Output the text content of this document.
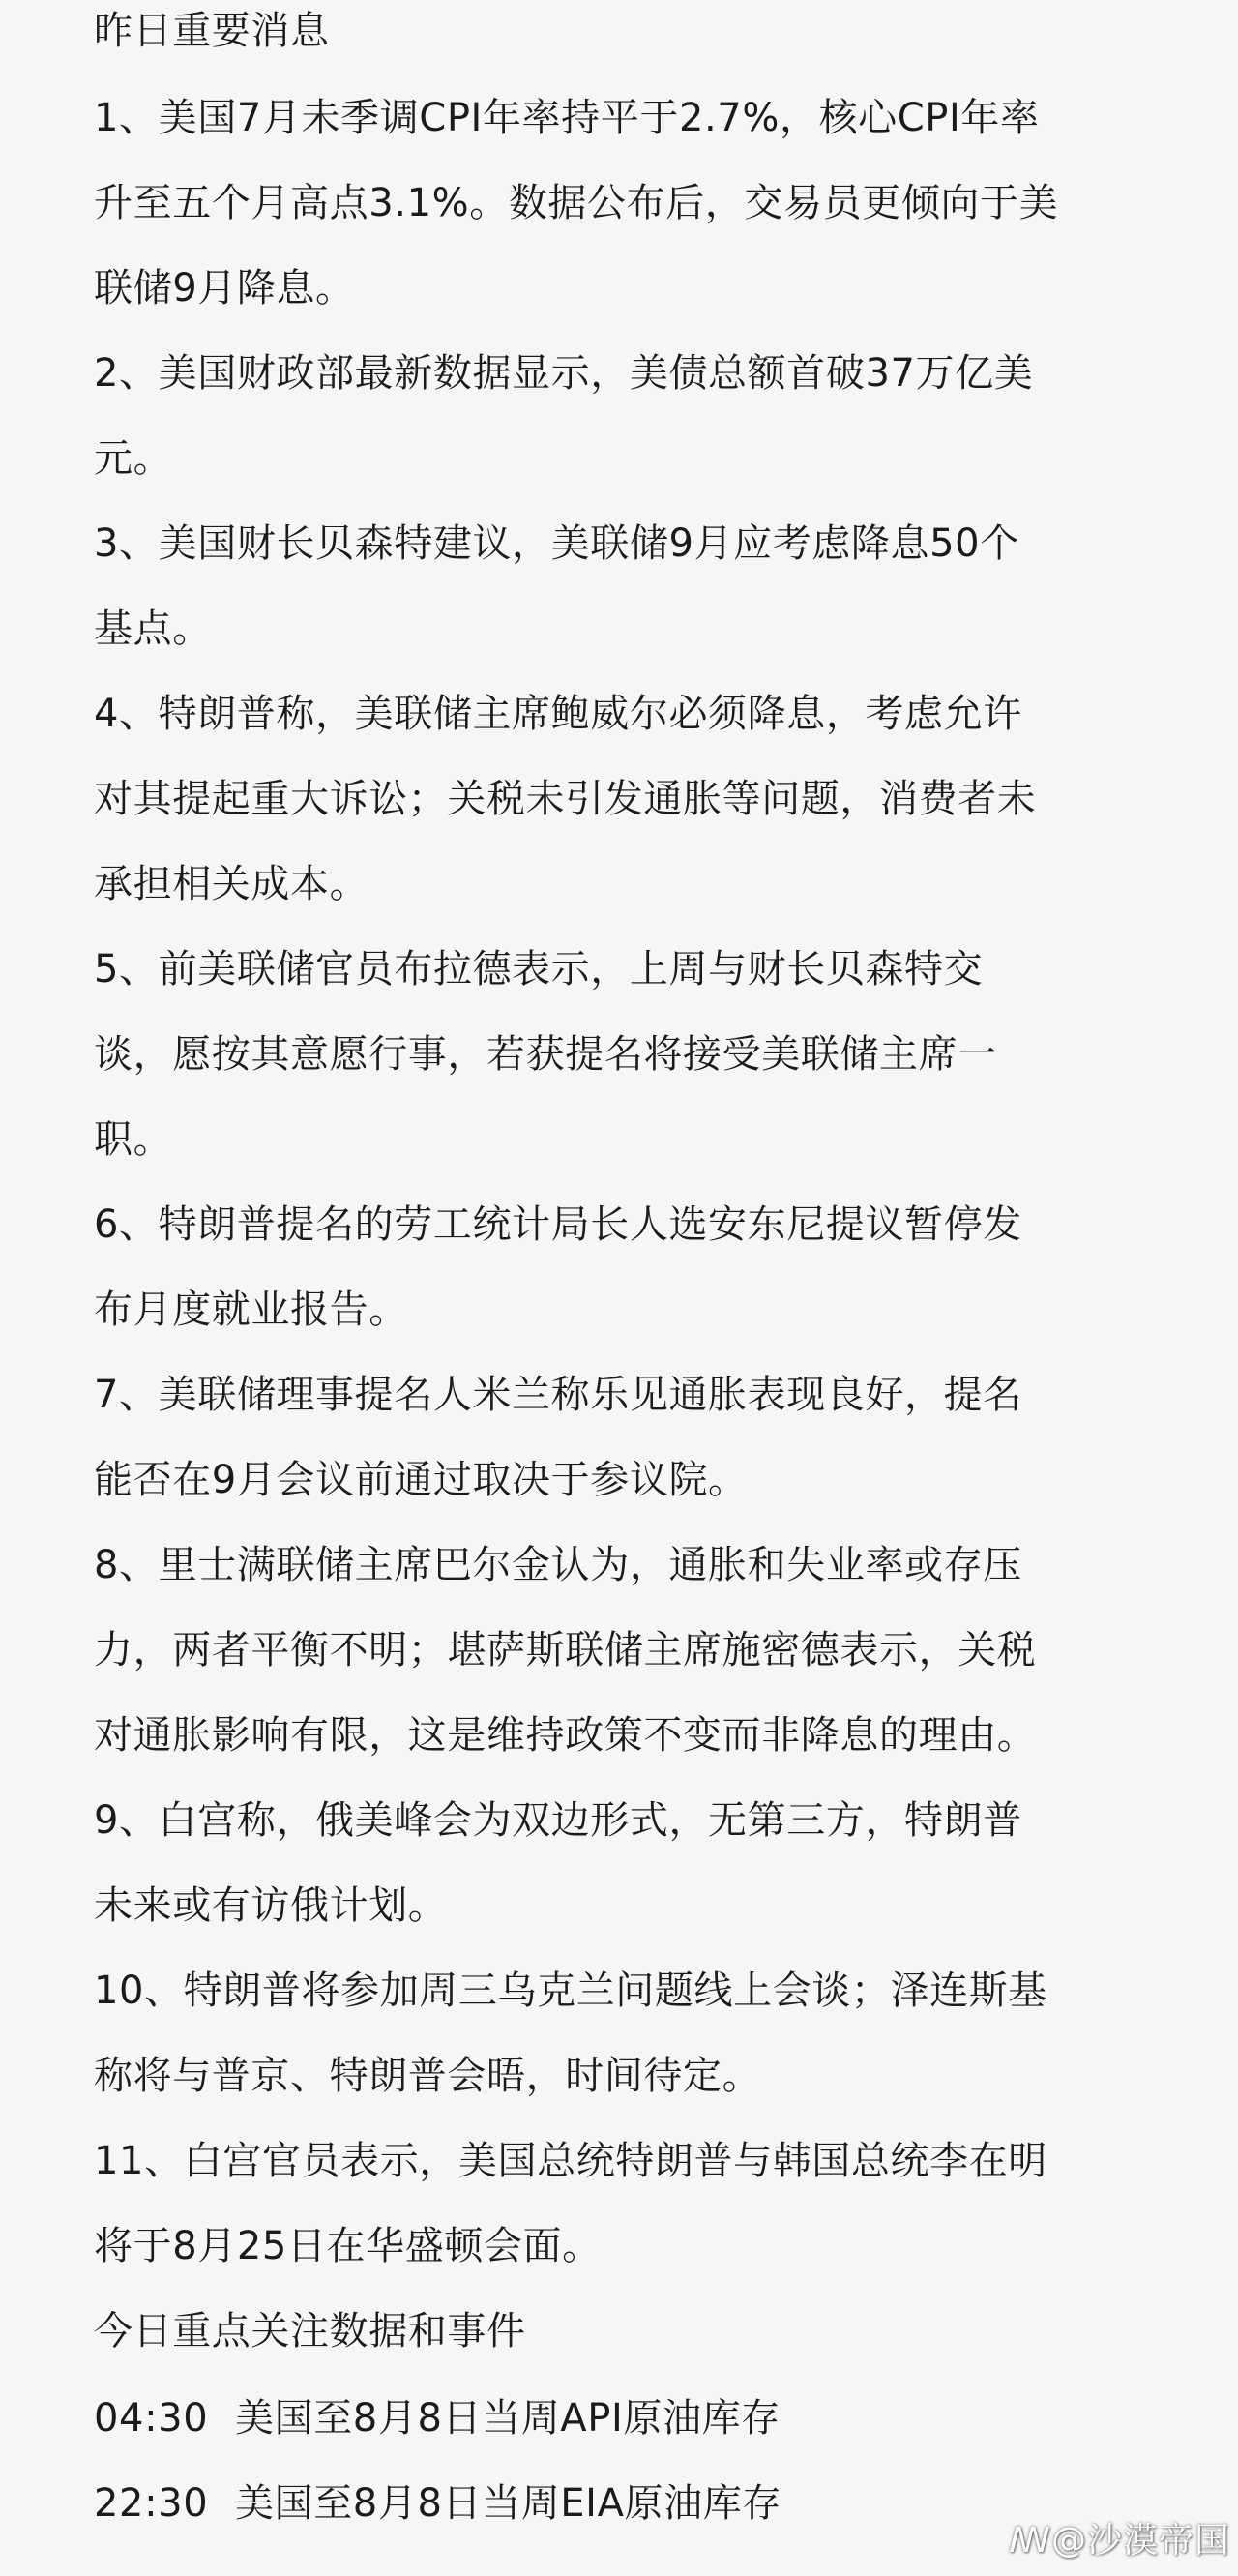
昨日重要消息
1、美国7月未季调CPI年率持平于2.7%，核心CPI年率
升至五个月高点3.1%。数据公布后，交易员更倾向于美
联储9月降息。
2、美国财政部最新数据显示，美债总额首破37万亿美
元。
3、美国财长贝森特建议，美联储9月应考虑降息50个
基点。
4、特朗普称，美联储主席鲍威尔必须降息，考虑允许
对其提起重大诉讼；关税未引发通胀等问题，消费者未
承担相关成本。
5、前美联储官员布拉德表示，上周与财长贝森特交
谈，愿按其意愿行事，若获提名将接受美联储主席一
职。
6、特朗普提名的劳工统计局长人选安东尼提议暂停发
布月度就业报告。
7、美联储理事提名人米兰称乐见通胀表现良好，提名
能否在9月会议前通过取决于参议院。
8、里士满联储主席巴尔金认为，通胀和失业率或存压
力，两者平衡不明；堪萨斯联储主席施密德表示，关税
对通胀影响有限，这是维持政策不变而非降息的理由。
9、白宫称，俄美峰会为双边形式，无第三方，特朗普
未来或有访俄计划。
10、特朗普将参加周三乌克兰问题线上会谈；泽连斯基
称将与普京、特朗普会晤，时间待定。
11、白宫官员表示，美国总统特朗普与韩国总统李在明
将于8月25日在华盛顿会面。
今日重点关注数据和事件
04:30 美国至8月8日当周API原油库存
22:30 美国至8月8日当周EIA原油库存
ꟿ@沙漠帝国
